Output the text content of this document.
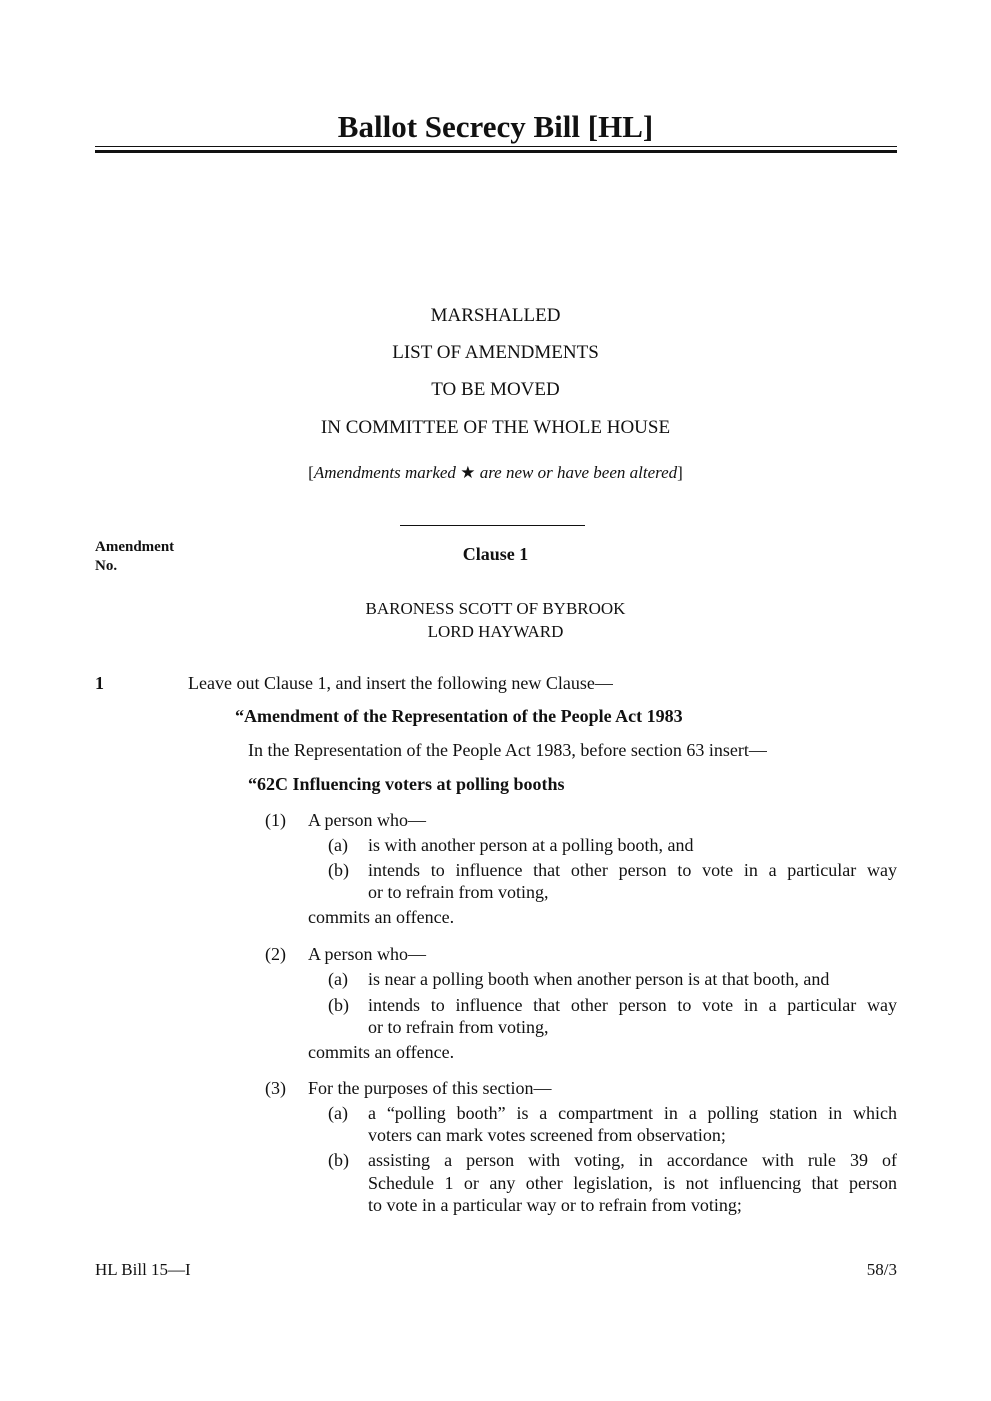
Ballot Secrecy Bill [HL]
MARSHALLED
LIST OF AMENDMENTS
TO BE MOVED
IN COMMITTEE OF THE WHOLE HOUSE
[Amendments marked ★ are new or have been altered]
Amendment
No.
Clause 1
BARONESS SCOTT OF BYBROOK
LORD HAYWARD
1	Leave out Clause 1, and insert the following new Clause—
“Amendment of the Representation of the People Act 1983
In the Representation of the People Act 1983, before section 63 insert—
“62C Influencing voters at polling booths
(1) A person who—
(a) is with another person at a polling booth, and
(b) intends to influence that other person to vote in a particular way
or to refrain from voting,
commits an offence.
(2) A person who—
(a) is near a polling booth when another person is at that booth, and
(b) intends to influence that other person to vote in a particular way
or to refrain from voting,
commits an offence.
(3) For the purposes of this section—
(a) a “polling booth” is a compartment in a polling station in which
voters can mark votes screened from observation;
(b) assisting a person with voting, in accordance with rule 39 of
Schedule 1 or any other legislation, is not influencing that person
to vote in a particular way or to refrain from voting;
HL Bill 15—I	58/3
